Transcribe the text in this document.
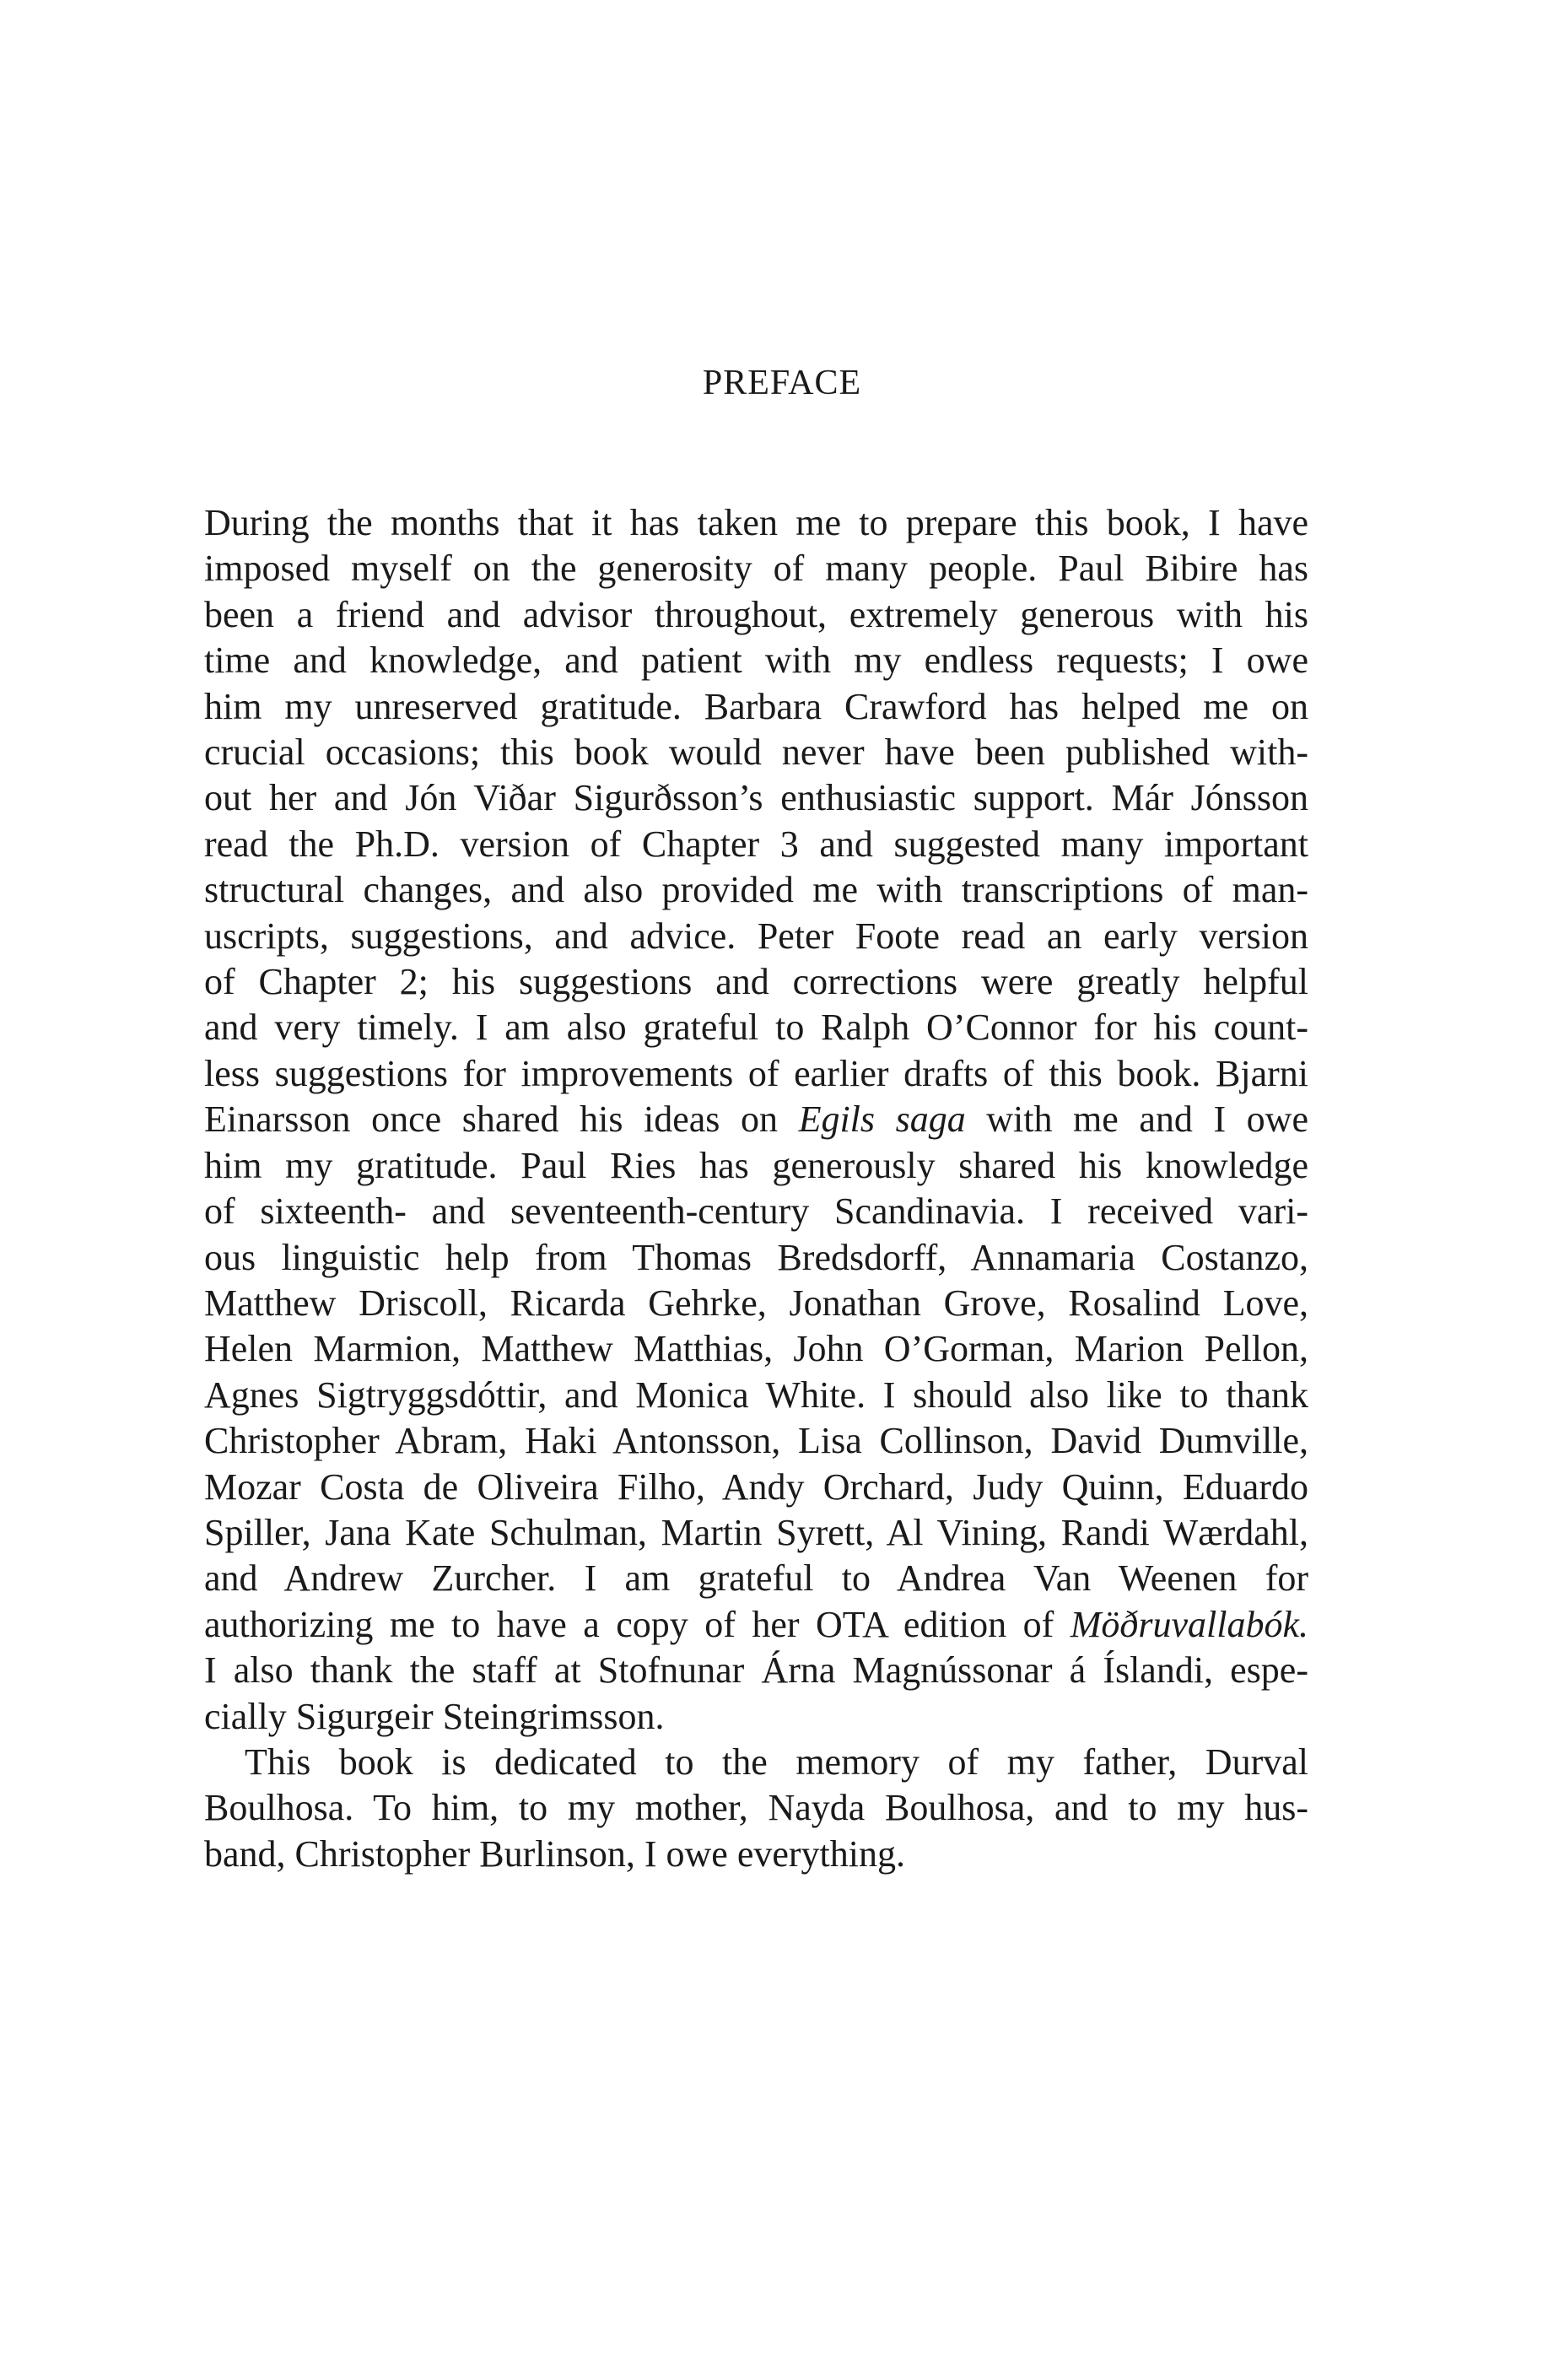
PREFACE

During the months that it has taken me to prepare this book, I have
imposed myself on the generosity of many people. Paul Bibire has
been a friend and advisor throughout, extremely generous with his
time and knowledge, and patient with my endless requests; I owe
him my unreserved gratitude. Barbara Crawford has helped me on
crucial occasions; this book would never have been published with-
out her and Jón Viðar Sigurðsson’s enthusiastic support. Már Jónsson
read the Ph.D. version of Chapter 3 and suggested many important
structural changes, and also provided me with transcriptions of man-
uscripts, suggestions, and advice. Peter Foote read an early version
of Chapter 2; his suggestions and corrections were greatly helpful
and very timely. I am also grateful to Ralph O’Connor for his count-
less suggestions for improvements of earlier drafts of this book. Bjarni
Einarsson once shared his ideas on Egils saga with me and I owe
him my gratitude. Paul Ries has generously shared his knowledge
of sixteenth- and seventeenth-century Scandinavia. I received vari-
ous linguistic help from Thomas Bredsdorff, Annamaria Costanzo,
Matthew Driscoll, Ricarda Gehrke, Jonathan Grove, Rosalind Love,
Helen Marmion, Matthew Matthias, John O’Gorman, Marion Pellon,
Agnes Sigtryggsdóttir, and Monica White. I should also like to thank
Christopher Abram, Haki Antonsson, Lisa Collinson, David Dumville,
Mozar Costa de Oliveira Filho, Andy Orchard, Judy Quinn, Eduardo
Spiller, Jana Kate Schulman, Martin Syrett, Al Vining, Randi Wærdahl,
and Andrew Zurcher. I am grateful to Andrea Van Weenen for
authorizing me to have a copy of her OTA edition of Möðruvallabók.
I also thank the staff at Stofnunar Árna Magnússonar á Íslandi, espe-
cially Sigurgeir Steingrimsson.

This book is dedicated to the memory of my father, Durval
Boulhosa. To him, to my mother, Nayda Boulhosa, and to my hus-
band, Christopher Burlinson, I owe everything.
